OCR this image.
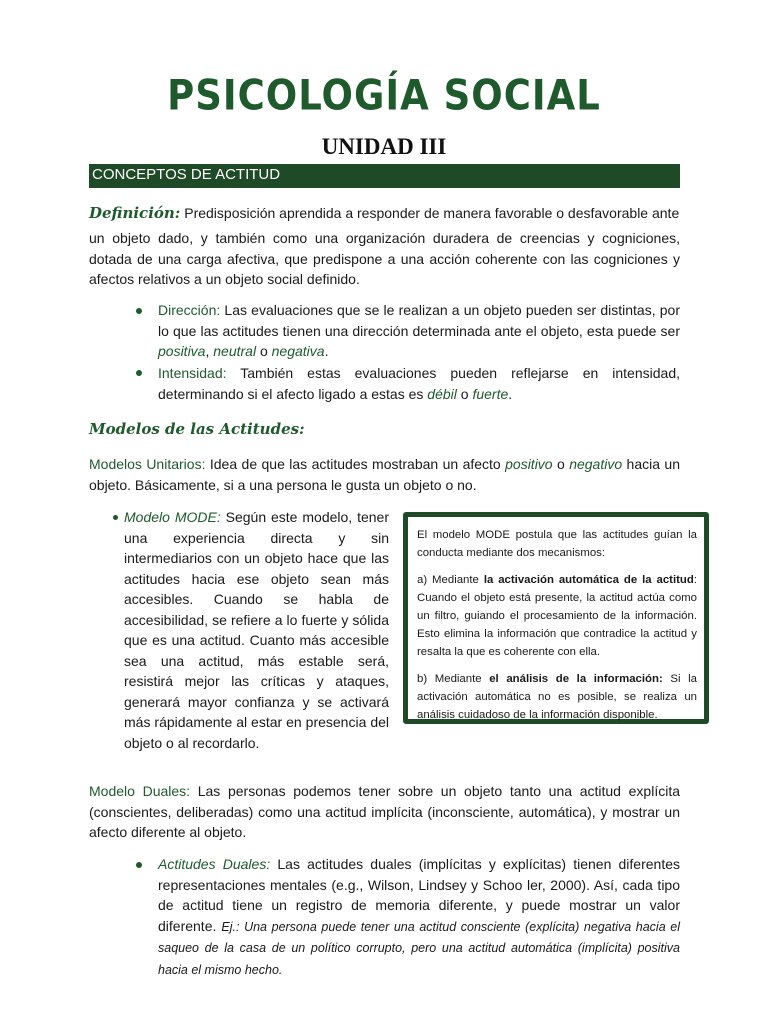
PSICOLOGÍA SOCIAL
UNIDAD III
CONCEPTOS DE ACTITUD
Definición: Predisposición aprendida a responder de manera favorable o desfavorable ante
un objeto dado, y también como una organización duradera de creencias y cogniciones, dotada de una carga afectiva, que predispone a una acción coherente con las cogniciones y afectos relativos a un objeto social definido.
Dirección: Las evaluaciones que se le realizan a un objeto pueden ser distintas, por lo que las actitudes tienen una dirección determinada ante el objeto, esta puede ser positiva, neutral o negativa.
Intensidad: También estas evaluaciones pueden reflejarse en intensidad, determinando si el afecto ligado a estas es débil o fuerte.
Modelos de las Actitudes:
Modelos Unitarios: Idea de que las actitudes mostraban un afecto positivo o negativo hacia un objeto. Básicamente, si a una persona le gusta un objeto o no.
Modelo MODE: Según este modelo, tener una experiencia directa y sin intermediarios con un objeto hace que las actitudes hacia ese objeto sean más accesibles. Cuando se habla de accesibilidad, se refiere a lo fuerte y sólida que es una actitud. Cuanto más accesible sea una actitud, más estable será, resistirá mejor las críticas y ataques, generará mayor confianza y se activará más rápidamente al estar en presencia del objeto o al recordarlo.

El modelo MODE postula que las actitudes guían la conducta mediante dos mecanismos:

a) Mediante la activación automática de la actitud: Cuando el objeto está presente, la actitud actúa como un filtro, guiando el procesamiento de la información. Esto elimina la información que contradice la actitud y resalta la que es coherente con ella.

b) Mediante el análisis de la información: Si la activación automática no es posible, se realiza un análisis cuidadoso de la información disponible.

Modelo Duales: Las personas podemos tener sobre un objeto tanto una actitud explícita (conscientes, deliberadas) como una actitud implícita (inconsciente, automática), y mostrar un afecto diferente al objeto.
Actitudes Duales: Las actitudes duales (implícitas y explícitas) tienen diferentes representaciones mentales (e.g., Wilson, Lindsey y Schoo ler, 2000). Así, cada tipo de actitud tiene un registro de memoria diferente, y puede mostrar un valor diferente. Ej.: Una persona puede tener una actitud consciente (explícita) negativa hacia el saqueo de la casa de un político corrupto, pero una actitud automática (implícita) positiva hacia el mismo hecho.
